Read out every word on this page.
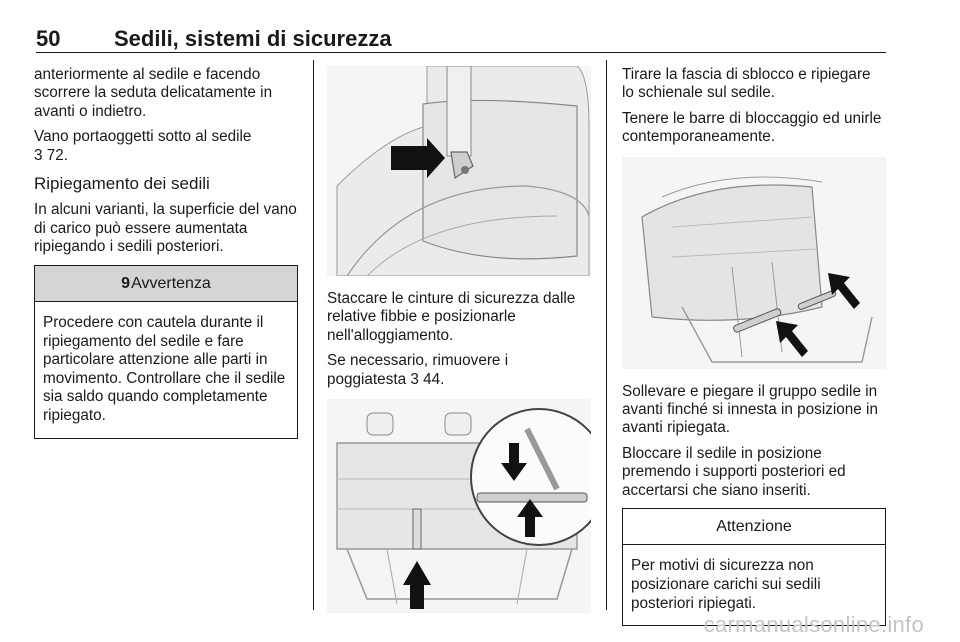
50 Sedili, sistemi di sicurezza

anteriormente al sedile e facendo scorrere la seduta delicatamente in avanti o indietro.

Vano portaoggetti sotto al sedile
3 72.

Ripiegamento dei sedili

In alcuni varianti, la superficie del vano di carico può essere aumentata ripiegando i sedili posteriori.

9Avvertenza
Procedere con cautela durante il ripiegamento del sedile e fare particolare attenzione alle parti in movimento. Controllare che il sedile sia saldo quando completamente ripiegato.

Staccare le cinture di sicurezza dalle relative fibbie e posizionarle nell'alloggiamento.

Se necessario, rimuovere i poggiatesta 3 44.

Tirare la fascia di sblocco e ripiegare lo schienale sul sedile.

Tenere le barre di bloccaggio ed unirle contemporaneamente.

Sollevare e piegare il gruppo sedile in avanti finché si innesta in posizione in avanti ripiegata.

Bloccare il sedile in posizione premendo i supporti posteriori ed accertarsi che siano inseriti.

Attenzione
Per motivi di sicurezza non posizionare carichi sui sedili posteriori ripiegati.
carmanualsonline.info
